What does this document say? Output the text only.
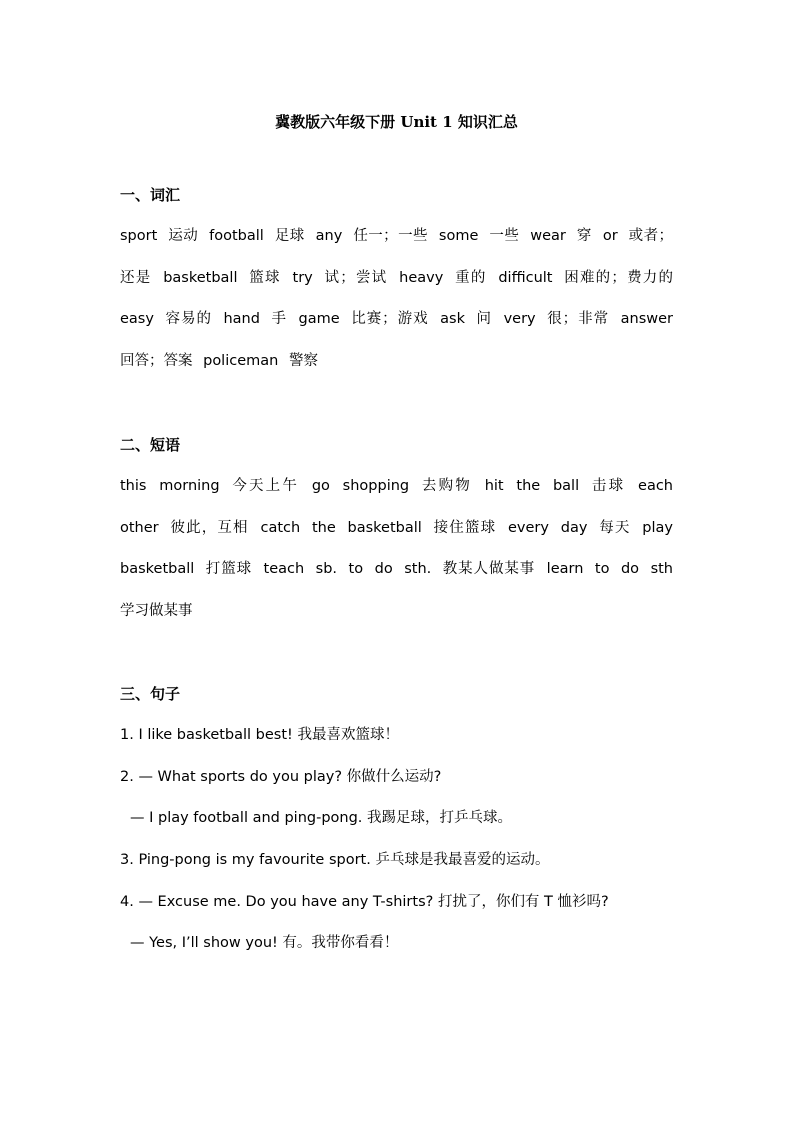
冀教版六年级下册 Unit 1 知识汇总
一、词汇
sport 运动 football 足球 any 任一；一些 some 一些 wear 穿 or 或者；还是 basketball 篮球 try 试；尝试 heavy 重的 difficult 困难的；费力的 easy 容易的 hand 手 game 比赛；游戏 ask 问 very 很；非常 answer 回答；答案 policeman 警察
二、短语
this morning 今天上午 go shopping 去购物 hit the ball 击球 each other 彼此，互相 catch the basketball 接住篮球 every day 每天 play basketball 打篮球 teach sb. to do sth. 教某人做某事 learn to do sth 学习做某事
三、句子
1. I like basketball best! 我最喜欢篮球！
2. — What sports do you play? 你做什么运动?
— I play football and ping-pong. 我踢足球，打乒乓球。
3. Ping-pong is my favourite sport. 乒乓球是我最喜爱的运动。
4. — Excuse me. Do you have any T-shirts? 打扰了，你们有 T 恤衫吗?
— Yes, I’ll show you! 有。我带你看看！
